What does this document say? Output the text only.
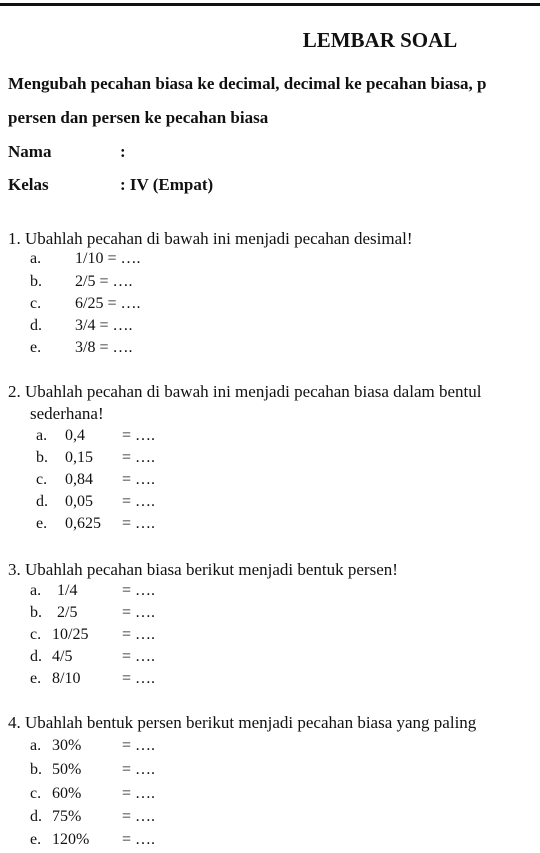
LEMBAR SOAL
Mengubah pecahan biasa ke decimal, decimal ke pecahan biasa, p
persen dan persen ke pecahan biasa
Nama	:
Kelas	: IV (Empat)
1. Ubahlah pecahan di bawah ini menjadi pecahan desimal!
a. 1/10 = ….
b. 2/5 = ….
c. 6/25 = ….
d. 3/4 = ….
e. 3/8 = ….
2. Ubahlah pecahan di bawah ini menjadi pecahan biasa dalam bentul
sederhana!
a. 0,4 = ….
b. 0,15 = ….
c. 0,84 = ….
d. 0,05 = ….
e. 0,625 = ….
3. Ubahlah pecahan biasa berikut menjadi bentuk persen!
a. 1/4	= ….
b. 2/5	= ….
c. 10/25 = ….
d. 4/5	= ….
e. 8/10	= ….
4. Ubahlah bentuk persen berikut menjadi pecahan biasa yang paling
a. 30%	= ….
b. 50%	= ….
c. 60%	= ….
d. 75%	= ….
e. 120% = ….
